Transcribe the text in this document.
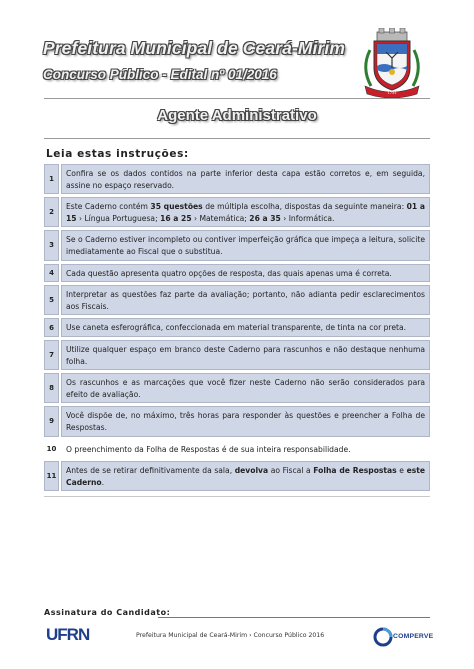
Prefeitura Municipal de Ceará-Mirim
Concurso Público - Edital nº 01/2016
1755
Agente Administrativo
Leia estas instruções:
1
Confira se os dados contidos na parte inferior desta capa estão corretos e, em seguida, assine no espaço reservado.
2
Este Caderno contém 35 questões de múltipla escolha, dispostas da seguinte maneira: 01 a 15 › Língua Portuguesa; 16 a 25 › Matemática; 26 a 35 › Informática.
3
Se o Caderno estiver incompleto ou contiver imperfeição gráfica que impeça a leitura, solicite imediatamente ao Fiscal que o substitua.
4	Cada questão apresenta quatro opções de resposta, das quais apenas uma é correta.
5
Interpretar as questões faz parte da avaliação; portanto, não adianta pedir esclarecimentos aos Fiscais.
6	Use caneta esferográfica, confeccionada em material transparente, de tinta na cor preta.
7
Utilize qualquer espaço em branco deste Caderno para rascunhos e não destaque nenhuma folha.
8
Os rascunhos e as marcações que você fizer neste Caderno não serão considerados para efeito de avaliação.
9
Você dispõe de, no máximo, três horas para responder às questões e preencher a Folha de Respostas.
10	O preenchimento da Folha de Respostas é de sua inteira responsabilidade.
11
Antes de se retirar definitivamente da sala, devolva ao Fiscal a Folha de Respostas e este Caderno.
Assinatura do Candidato:
UFRN	Prefeitura Municipal de Ceará-Mirim › Concurso Público 2016	COMPERVE
